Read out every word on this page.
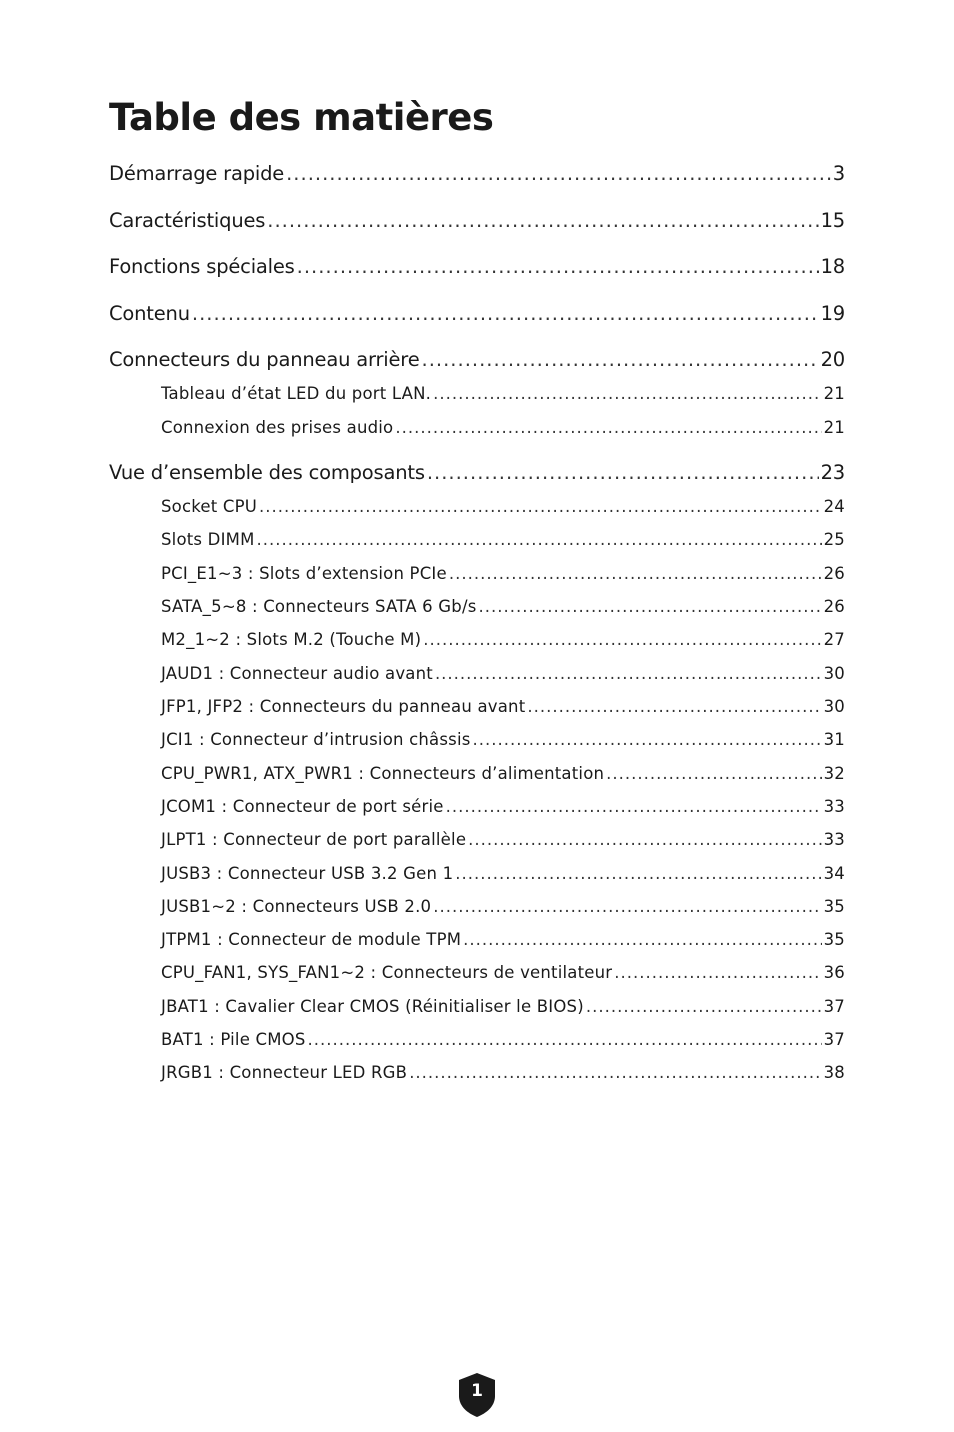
Table des matières
Démarrage rapide .....	3
Caractéristiques .....	15
Fonctions spéciales .....	18
Contenu .....	19
Connecteurs du panneau arrière .....	20
Tableau d’état LED du port LAN. .....	21
Connexion des prises audio .....	21
Vue d’ensemble des composants .....	23
Socket CPU .....	24
Slots DIMM .....	25
PCI_E1~3 : Slots d’extension PCIe .....	26
SATA_5~8 : Connecteurs SATA 6 Gb/s .....	26
M2_1~2 : Slots M.2 (Touche M) .....	27
JAUD1 : Connecteur audio avant .....	30
JFP1, JFP2 : Connecteurs du panneau avant .....	30
JCI1 : Connecteur d’intrusion châssis .....	31
CPU_PWR1, ATX_PWR1 : Connecteurs d’alimentation .....	32
JCOM1 : Connecteur de port série .....	33
JLPT1 : Connecteur de port parallèle .....	33
JUSB3 : Connecteur USB 3.2 Gen 1 .....	34
JUSB1~2 : Connecteurs USB 2.0 .....	35
JTPM1 : Connecteur de module TPM .....	35
CPU_FAN1, SYS_FAN1~2 : Connecteurs de ventilateur .....	36
JBAT1 : Cavalier Clear CMOS (Réinitialiser le BIOS) .....	37
BAT1 : Pile CMOS .....	37
JRGB1 : Connecteur LED RGB .....	38
1
